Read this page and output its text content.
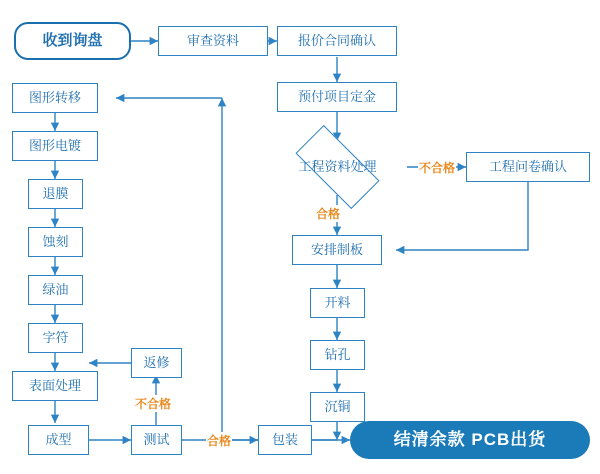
收到询盘	审查资料	报价合同确认
预付项目定金
工程资料处理	工程问卷确认
安排制板
开料
钻孔
沉铜
图形转移
图形电镀
退膜
蚀刻
绿油
字符
表面处理
成型	测试
返修
包装	结清余款 PCB出货
不合格
合格
不合格
合格
